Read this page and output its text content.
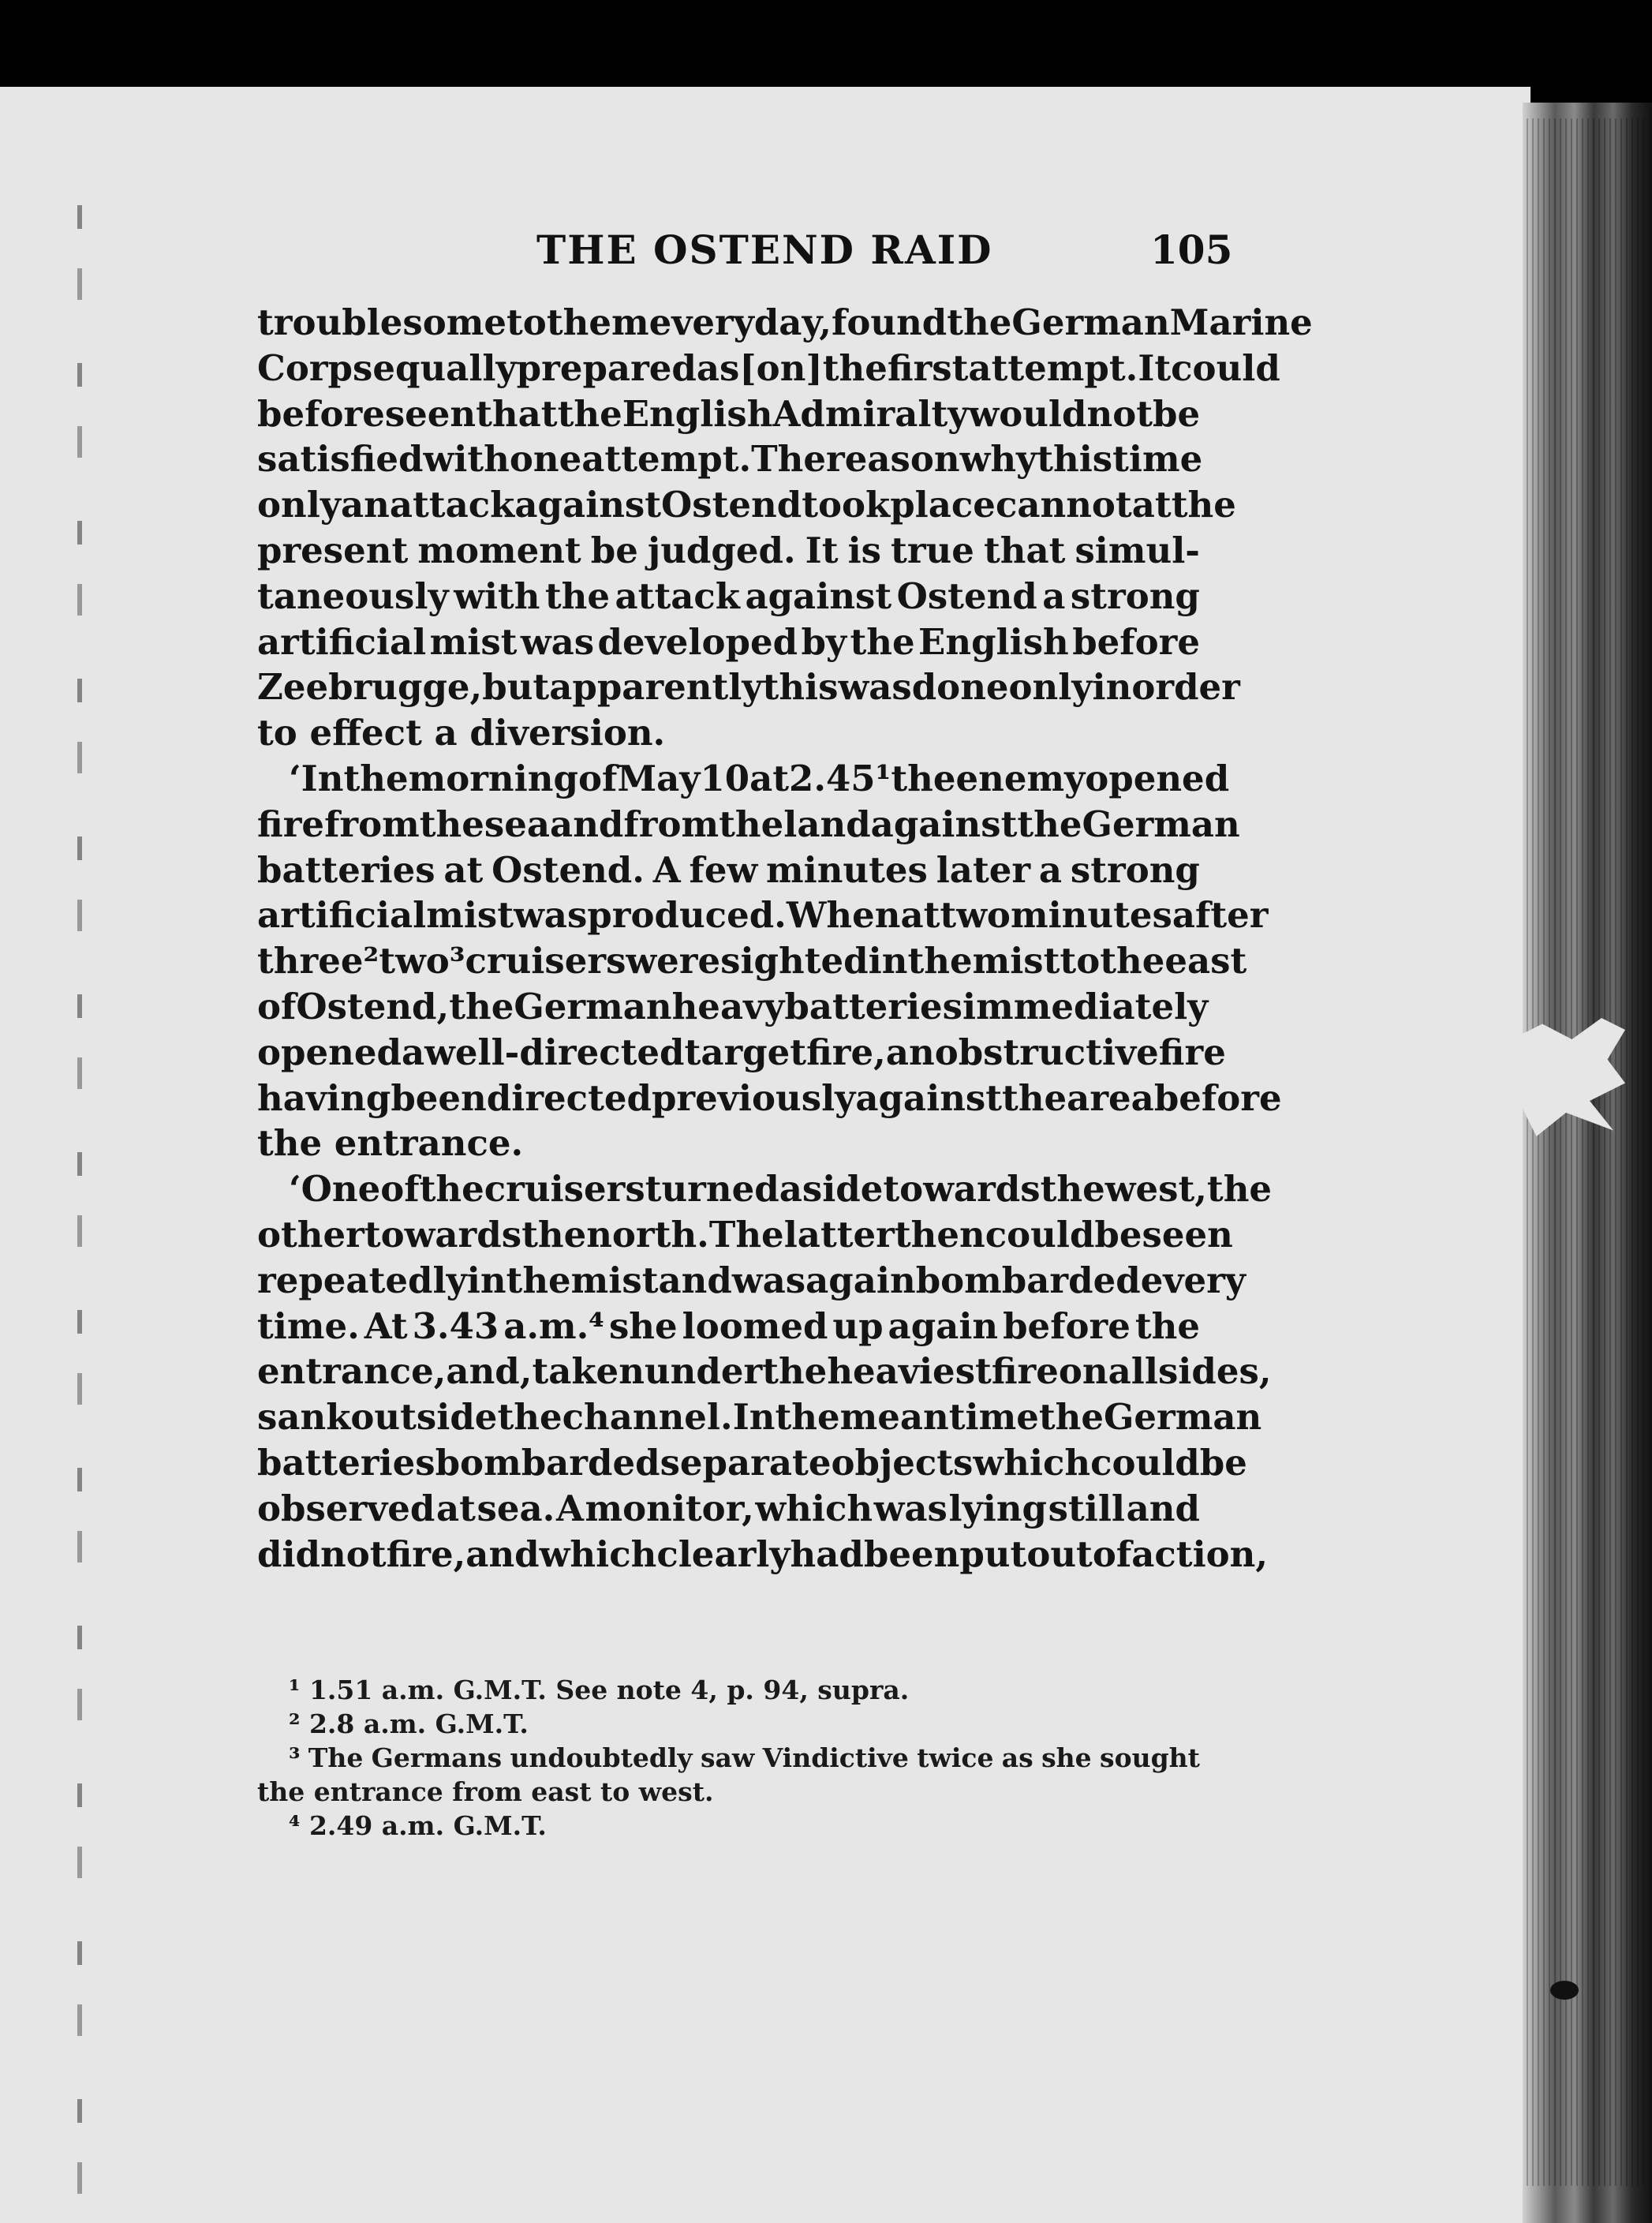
THE OSTEND RAID	105
troublesome to them every day, found the German Marine
Corps equally prepared as [on] the first attempt. It could
be foreseen that the English Admiralty would not be
satisfied with one attempt. The reason why this time
only an attack against Ostend took place cannot at the
present moment be judged. It is true that simul-
taneously with the attack against Ostend a strong
artificial mist was developed by the English before
Zeebrugge, but apparently this was done only in order
to effect a diversion.
‘ In the morning of May 10 at 2.45 ¹ the enemy opened
fire from the sea and from the land against the German
batteries at Ostend. A few minutes later a strong
artificial mist was produced. When at two minutes after
three ² two ³ cruisers were sighted in the mist to the east
of Ostend, the German heavy batteries immediately
opened a well-directed target fire, an obstructive fire
having been directed previously against the area before
the entrance.
‘ One of the cruisers turned aside towards the west, the
other towards the north. The latter then could be seen
repeatedly in the mist and was again bombarded every
time. At 3.43 a.m.⁴ she loomed up again before the
entrance, and, taken under the heaviest fire on all sides,
sank outside the channel. In the meantime the German
batteries bombarded separate objects which could be
observed at sea. A monitor, which was lying still and
did not fire, and which clearly had been put out of action,
¹ 1.51 a.m. G.M.T. See note 4, p. 94, supra.
² 2.8 a.m. G.M.T.
³ The Germans undoubtedly saw Vindictive twice as she sought
the entrance from east to west.
⁴ 2.49 a.m. G.M.T.
